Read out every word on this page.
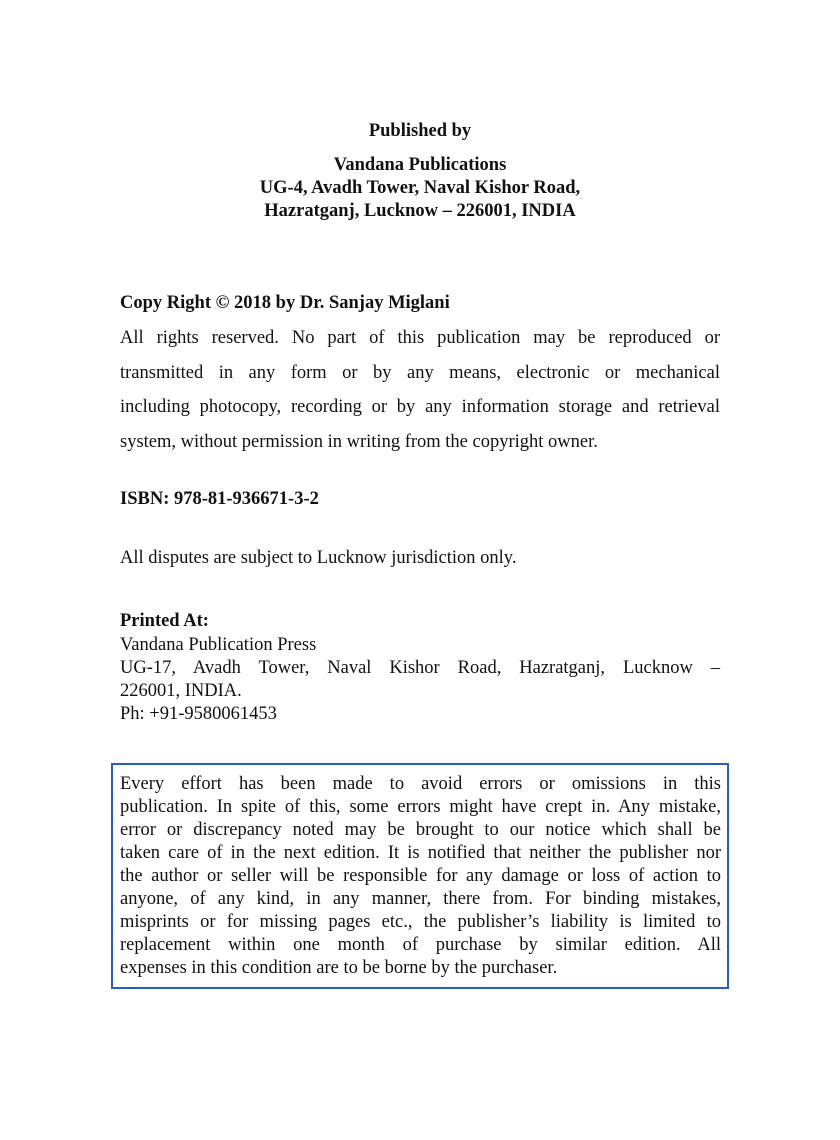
Published by
Vandana Publications
UG-4, Avadh Tower, Naval Kishor Road,
Hazratganj, Lucknow – 226001, INDIA
Copy Right © 2018 by Dr. Sanjay Miglani
All rights reserved. No part of this publication may be reproduced or
transmitted in any form or by any means, electronic or mechanical
including photocopy, recording or by any information storage and retrieval
system, without permission in writing from the copyright owner.
ISBN: 978-81-936671-3-2
All disputes are subject to Lucknow jurisdiction only.
Printed At:
Vandana Publication Press
UG-17, Avadh Tower, Naval Kishor Road, Hazratganj, Lucknow –
226001, INDIA.
Ph: +91-9580061453
Every effort has been made to avoid errors or omissions in this
publication. In spite of this, some errors might have crept in. Any mistake,
error or discrepancy noted may be brought to our notice which shall be
taken care of in the next edition. It is notified that neither the publisher nor
the author or seller will be responsible for any damage or loss of action to
anyone, of any kind, in any manner, there from. For binding mistakes,
misprints or for missing pages etc., the publisher’s liability is limited to
replacement within one month of purchase by similar edition. All
expenses in this condition are to be borne by the purchaser.
